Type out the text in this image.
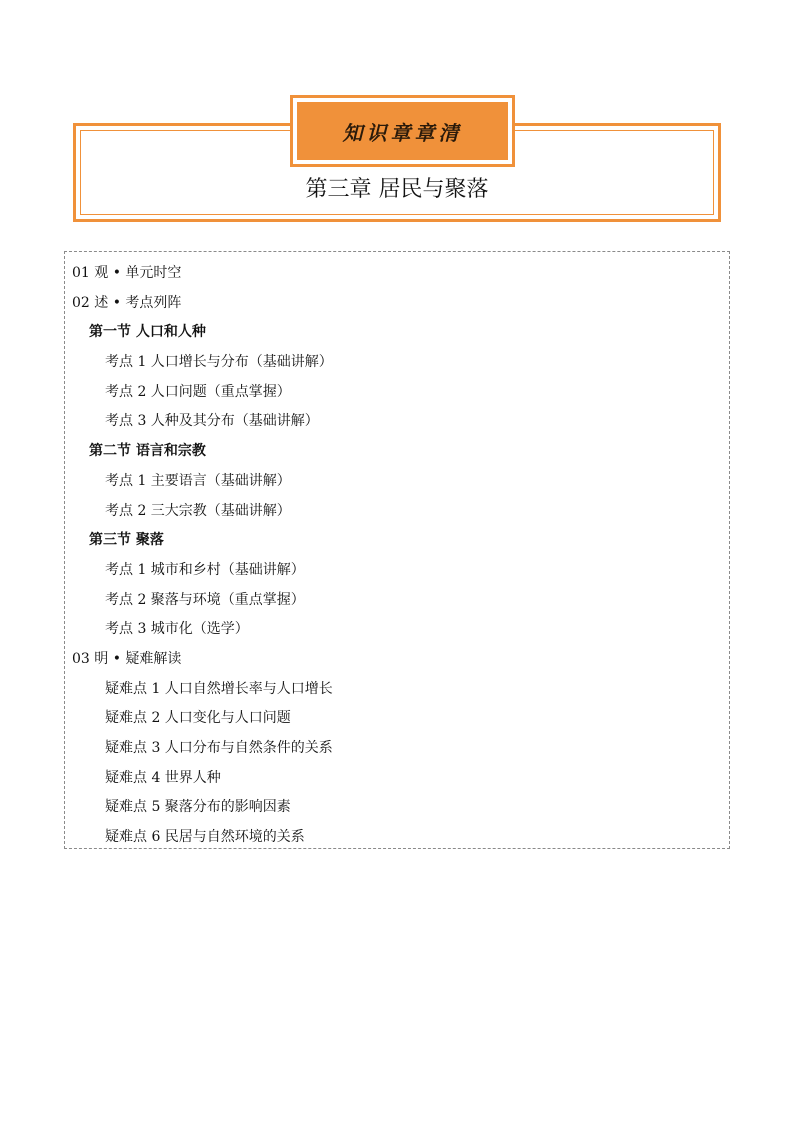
知识章章清
第三章 居民与聚落
01 观 • 单元时空
02 述 • 考点列阵
第一节 人口和人种
考点 1 人口增长与分布（基础讲解）
考点 2 人口问题（重点掌握）
考点 3 人种及其分布（基础讲解）
第二节 语言和宗教
考点 1 主要语言（基础讲解）
考点 2 三大宗教（基础讲解）
第三节 聚落
考点 1 城市和乡村（基础讲解）
考点 2 聚落与环境（重点掌握）
考点 3 城市化（选学）
03 明 • 疑难解读
疑难点 1 人口自然增长率与人口增长
疑难点 2 人口变化与人口问题
疑难点 3 人口分布与自然条件的关系
疑难点 4 世界人种
疑难点 5 聚落分布的影响因素
疑难点 6 民居与自然环境的关系
